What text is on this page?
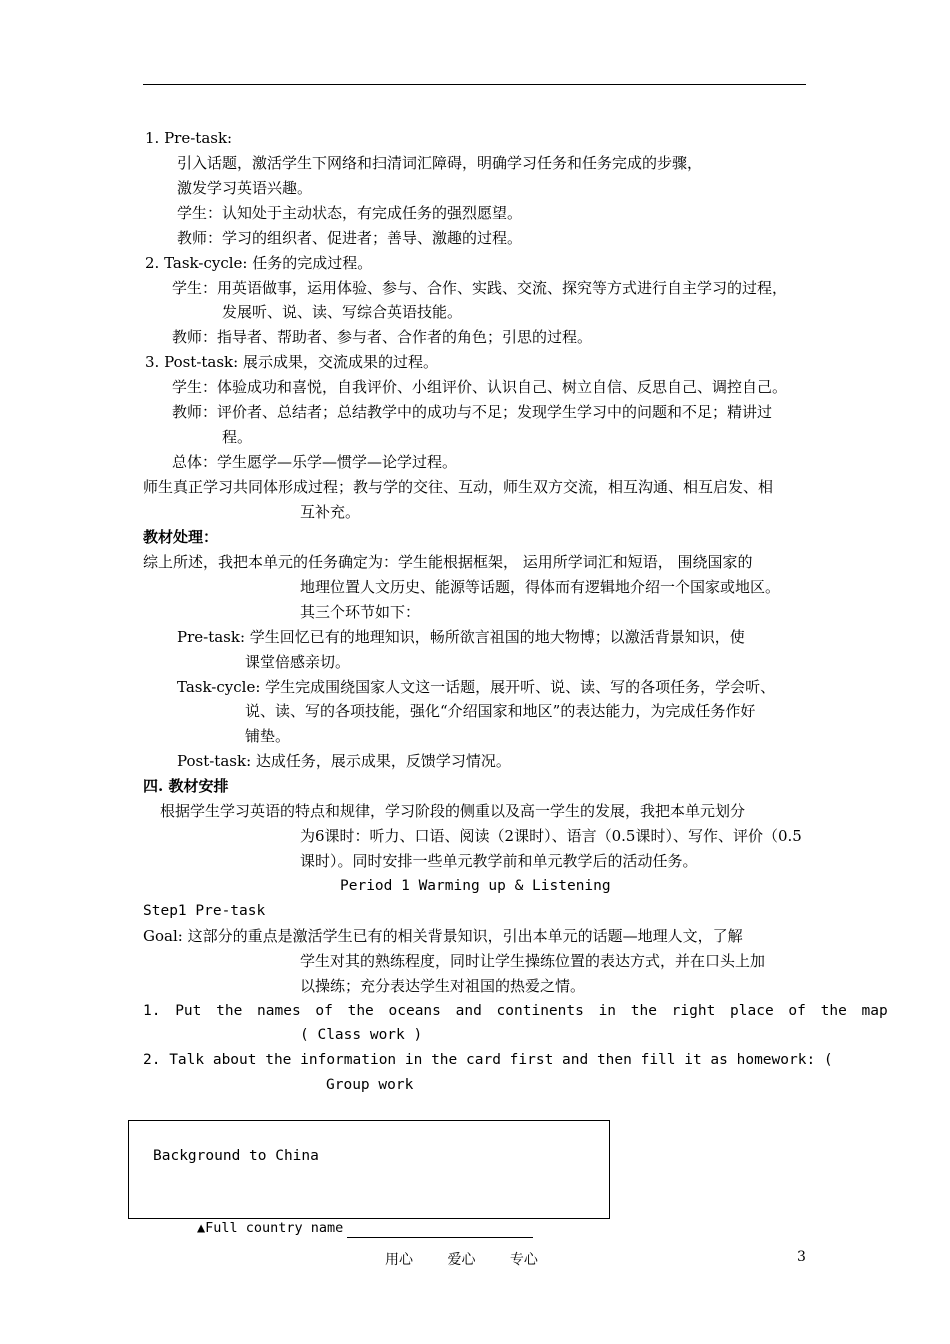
1. Pre-task:
引入话题，激活学生下网络和扫清词汇障碍，明确学习任务和任务完成的步骤，
激发学习英语兴趣。
学生：认知处于主动状态，有完成任务的强烈愿望。
教师：学习的组织者、促进者；善导、激趣的过程。
2. Task-cycle: 任务的完成过程。
学生：用英语做事，运用体验、参与、合作、实践、交流、探究等方式进行自主学习的过程，
发展听、说、读、写综合英语技能。
教师：指导者、帮助者、参与者、合作者的角色；引思的过程。
3. Post-task: 展示成果，交流成果的过程。
学生：体验成功和喜悦，自我评价、小组评价、认识自己、树立自信、反思自己、调控自己。
教师：评价者、总结者；总结教学中的成功与不足；发现学生学习中的问题和不足；精讲过
程。
总体：学生愿学—乐学—惯学—论学过程。
师生真正学习共同体形成过程；教与学的交往、互动，师生双方交流，相互沟通、相互启发、相
互补充。
教材处理：
综上所述，我把本单元的任务确定为：学生能根据框架， 运用所学词汇和短语， 围绕国家的
地理位置人文历史、能源等话题，得体而有逻辑地介绍一个国家或地区。
其三个环节如下：
Pre-task: 学生回忆已有的地理知识，畅所欲言祖国的地大物博；以激活背景知识，使
课堂倍感亲切。
Task-cycle: 学生完成围绕国家人文这一话题，展开听、说、读、写的各项任务，学会听、
说、读、写的各项技能，强化“介绍国家和地区”的表达能力，为完成任务作好
铺垫。
Post-task: 达成任务，展示成果，反馈学习情况。
四. 教材安排
根据学生学习英语的特点和规律，学习阶段的侧重以及高一学生的发展，我把本单元划分
为6课时：听力、口语、阅读（2课时）、语言（0.5课时）、写作、评价（0.5
课时）。同时安排一些单元教学前和单元教学后的活动任务。
Period 1 Warming up & Listening
Step1 Pre-task
Goal: 这部分的重点是激活学生已有的相关背景知识，引出本单元的话题—地理人文，了解
学生对其的熟练程度，同时让学生操练位置的表达方式，并在口头上加
以操练；充分表达学生对祖国的热爱之情。
1. Put the names of the oceans and continents in the right place of the map
( Class work )
2. Talk about the information in the card first and then fill it as homework: (
Group work
Background to China
▲Full country name
用心 爱心 专心	3
